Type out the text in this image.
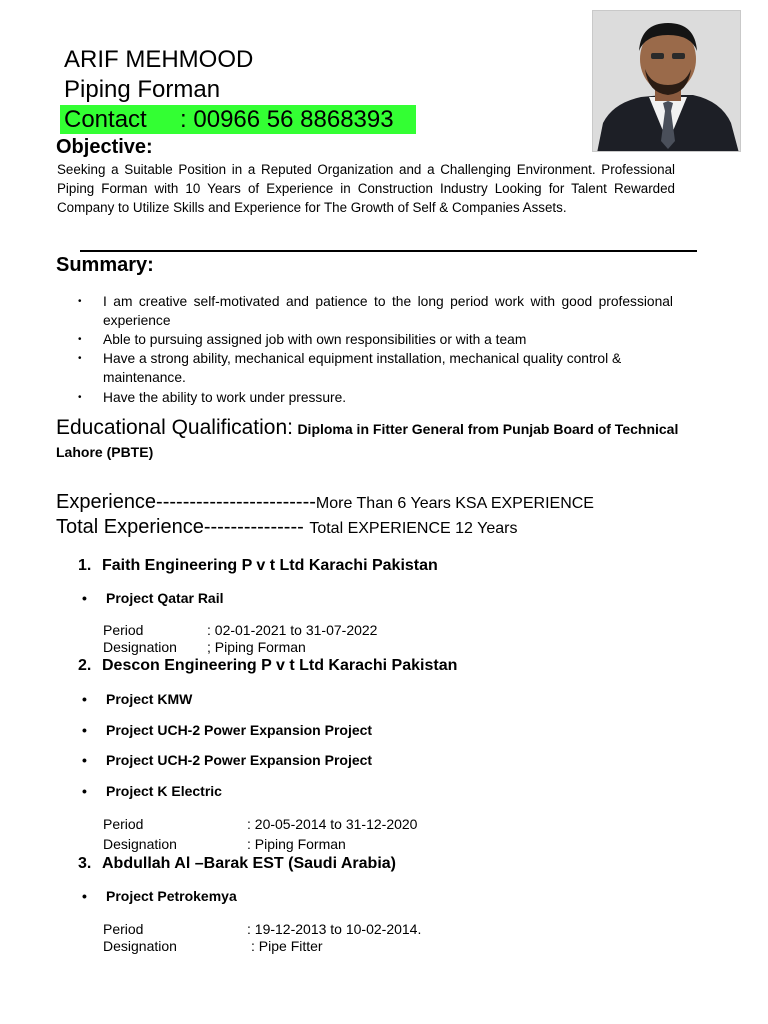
ARIF MEHMOOD
Piping Forman
Contact     : 00966 56 8868393
Objective:
Seeking a Suitable Position in a Reputed Organization and a Challenging Environment. Professional Piping Forman with 10 Years of Experience in Construction Industry Looking for Talent Rewarded Company to Utilize Skills and Experience for The Growth of Self & Companies Assets.
Summary:
• I am creative self-motivated and patience to the long period work with good professional experience
• Able to pursuing assigned job with own responsibilities or with a team
• Have a strong ability, mechanical equipment installation, mechanical quality control & maintenance.
• Have the ability to work under pressure.
Educational Qualification: Diploma in Fitter General from Punjab Board of Technical Lahore (PBTE)
Experience------------------------More Than 6 Years KSA EXPERIENCE
Total Experience--------------- Total EXPERIENCE 12 Years
1. Faith Engineering P v t Ltd Karachi Pakistan
• Project Qatar Rail
Period	: 02-01-2021 to 31-07-2022
Designation ; Piping Forman
2. Descon Engineering P v t Ltd Karachi Pakistan
• Project KMW
• Project UCH-2 Power Expansion Project
• Project UCH-2 Power Expansion Project
• Project K Electric
Period	: 20-05-2014 to 31-12-2020
Designation	: Piping Forman
3. Abdullah Al –Barak EST (Saudi Arabia)
• Project Petrokemya
Period	: 19-12-2013 to 10-02-2014.
Designation	: Pipe Fitter
